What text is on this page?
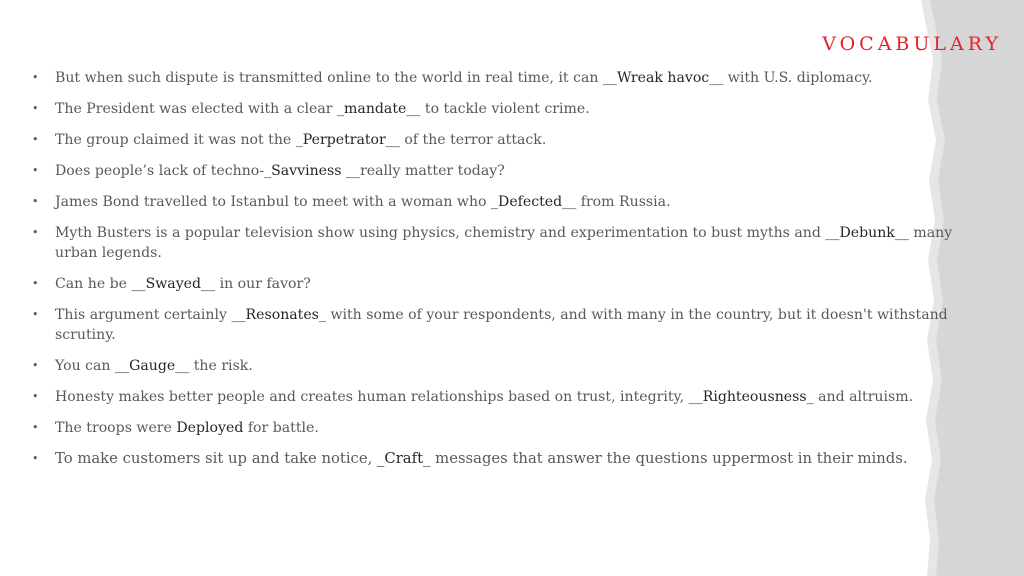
VOCABULARY
• But when such dispute is transmitted online to the world in real time, it can __Wreak havoc__ with U.S. diplomacy.
• The President was elected with a clear _mandate__ to tackle violent crime.
• The group claimed it was not the _Perpetrator__ of the terror attack.
• Does people’s lack of techno-_Savviness __really matter today?
• James Bond travelled to Istanbul to meet with a woman who _Defected__ from Russia.
• Myth Busters is a popular television show using physics, chemistry and experimentation to bust myths and __Debunk__ many urban legends.
• Can he be __Swayed__ in our favor?
• This argument certainly __Resonates_ with some of your respondents, and with many in the country, but it doesn't withstand scrutiny.
• You can __Gauge__ the risk.
• Honesty makes better people and creates human relationships based on trust, integrity, __Righteousness_ and altruism.
• The troops were Deployed for battle.
• To make customers sit up and take notice, _Craft_ messages that answer the questions uppermost in their minds.
